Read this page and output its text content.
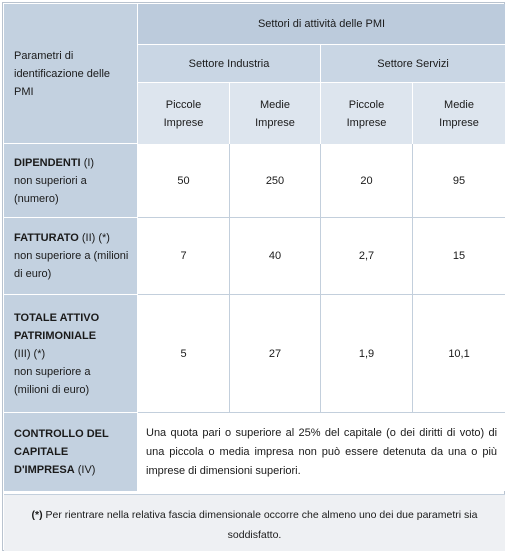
Parametri di identificazione delle PMI	Settori di attività delle PMI			
	Settore Industria		Settore Servizi	
	Piccole Imprese	Medie Imprese	Piccole Imprese	Medie Imprese
DIPENDENTI (I)
non superiori a (numero)	50	250	20	95
FATTURATO (II) (*)
non superiore a (milioni di euro)	7	40	2,7	15
TOTALE ATTIVO PATRIMONIALE (III) (*)
non superiore a (milioni di euro)	5	27	1,9	10,1
CONTROLLO DEL CAPITALE D'IMPRESA (IV)	Una quota pari o superiore al 25% del capitale (o dei diritti di voto) di una piccola o media impresa non può essere detenuta da una o più imprese di dimensioni superiori.			
(*) Per rientrare nella relativa fascia dimensionale occorre che almeno uno dei due parametri sia soddisfatto.
